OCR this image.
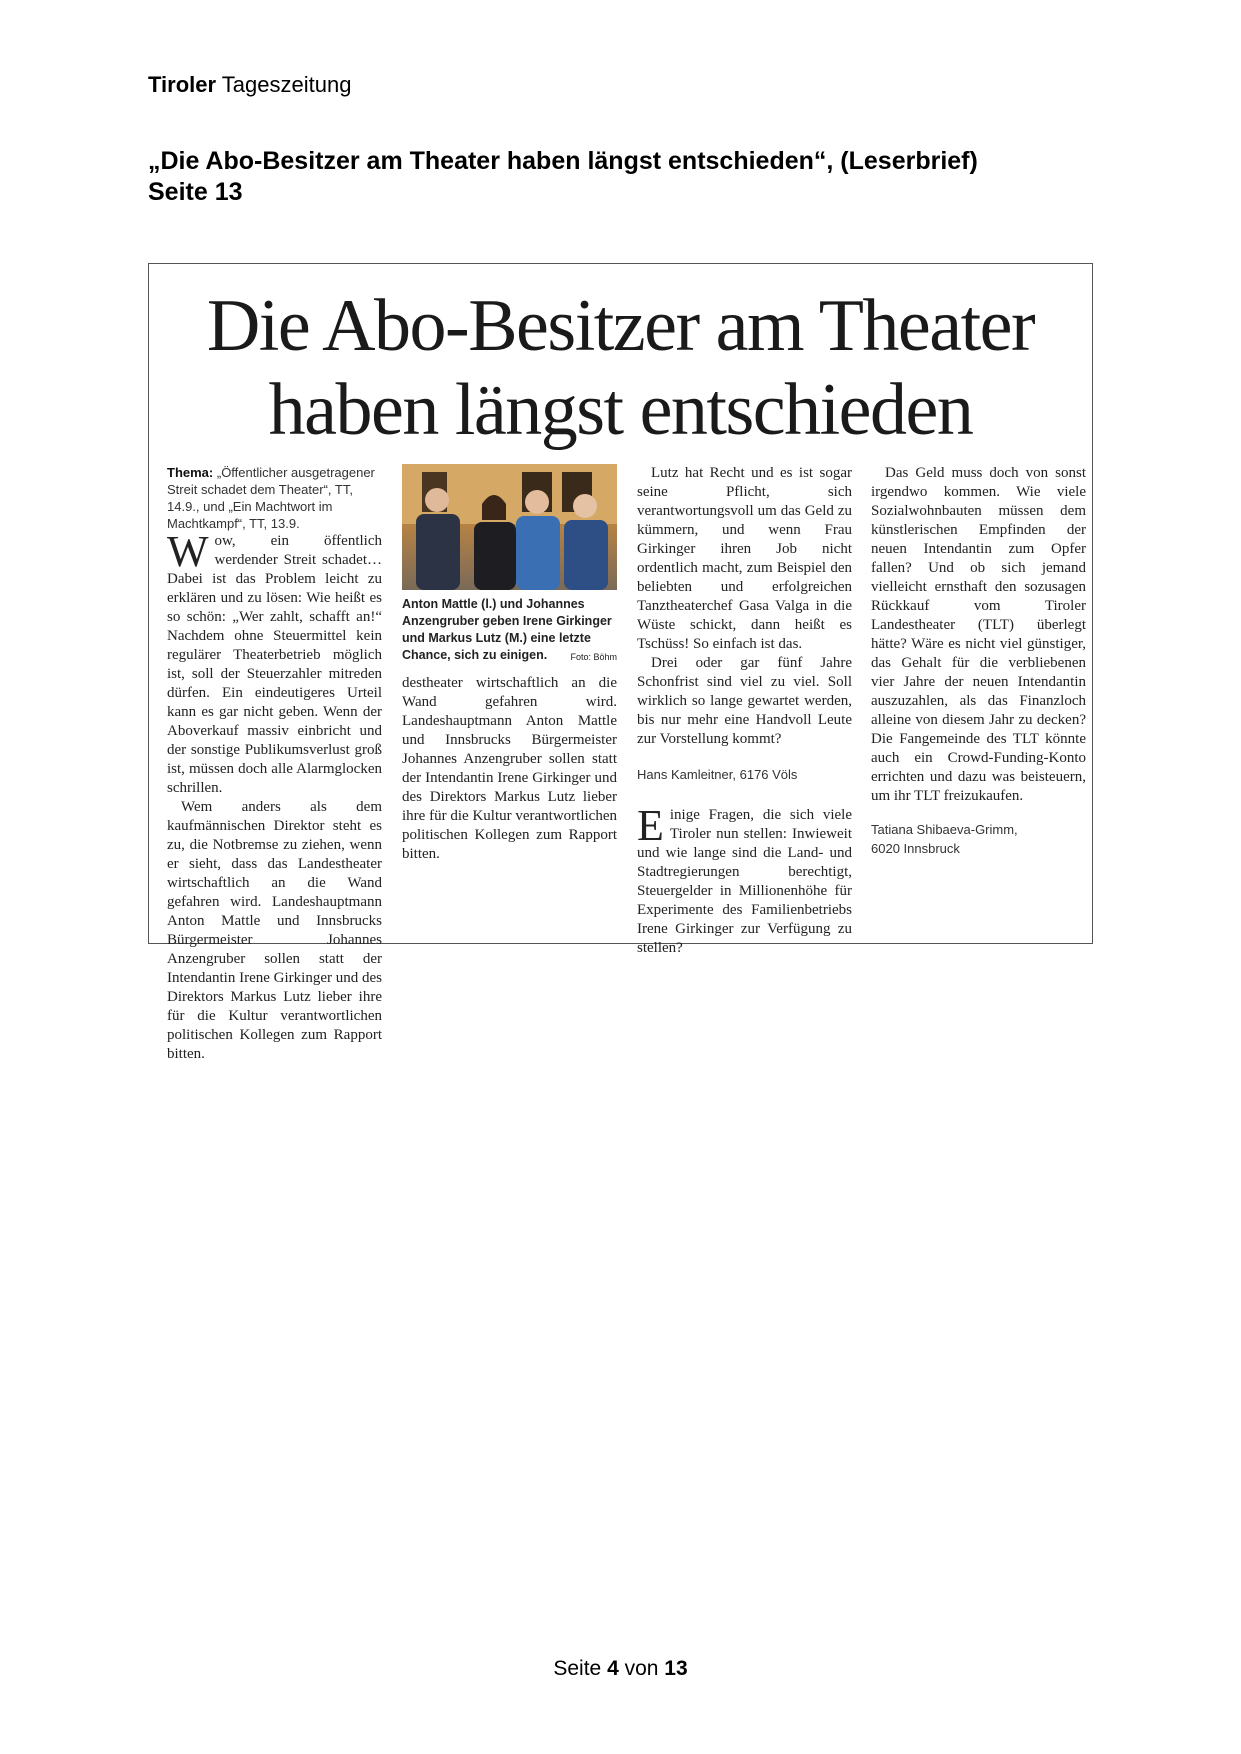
Tiroler Tageszeitung
„Die Abo-Besitzer am Theater haben längst entschieden“, (Leserbrief)
Seite 13
Die Abo-Besitzer am Theater
haben längst entschieden

Thema: „Öffentlicher ausgetragener Streit schadet dem Theater“, TT, 14.9., und „Ein Machtwort im Machtkampf“, TT, 13.9.

Wow, ein öffentlich werdender Streit schadet… Dabei ist das Problem leicht zu erklären und zu lösen: Wie heißt es so schön: „Wer zahlt, schafft an!“ Nachdem ohne Steuermittel kein regulärer Theaterbetrieb möglich ist, soll der Steuerzahler mitreden dürfen. Ein eindeutigeres Urteil kann es gar nicht geben. Wenn der Aboverkauf massiv einbricht und der sonstige Publikumsverlust groß ist, müssen doch alle Alarmglocken schrillen.

Wem anders als dem kaufmännischen Direktor steht es zu, die Notbremse zu ziehen, wenn er sieht, dass das Landestheater wirtschaftlich an die Wand gefahren wird. Landeshauptmann Anton Mattle und Innsbrucks Bürgermeister Johannes Anzengruber sollen statt der Intendantin Irene Girkinger und des Direktors Markus Lutz lieber ihre für die Kultur verantwortlichen politischen Kollegen zum Rapport bitten.

Anton Mattle (l.) und Johannes Anzengruber geben Irene Girkinger und Markus Lutz (M.) eine letzte Chance, sich zu einigen.	Foto: Böhm

destheater wirtschaftlich an die Wand gefahren wird. Landeshauptmann Anton Mattle und Innsbrucks Bürgermeister Johannes Anzengruber sollen statt der Intendantin Irene Girkinger und des Direktors Markus Lutz lieber ihre für die Kultur verantwortlichen politischen Kollegen zum Rapport bitten.

Lutz hat Recht und es ist sogar seine Pflicht, sich verantwortungsvoll um das Geld zu kümmern, und wenn Frau Girkinger ihren Job nicht ordentlich macht, zum Beispiel den beliebten und erfolgreichen Tanztheaterchef Gasa Valga in die Wüste schickt, dann heißt es Tschüss! So einfach ist das.

Drei oder gar fünf Jahre Schonfrist sind viel zu viel. Soll wirklich so lange gewartet werden, bis nur mehr eine Handvoll Leute zur Vorstellung kommt?

Hans Kamleitner, 6176 Völs

Einige Fragen, die sich viele Tiroler nun stellen: Inwieweit und wie lange sind die Land- und Stadtregierungen berechtigt, Steuergelder in Millionenhöhe für Experimente des Familienbetriebs Irene Girkinger zur Verfügung zu stellen?

Das Geld muss doch von sonst irgendwo kommen. Wie viele Sozialwohnbauten müssen dem künstlerischen Empfinden der neuen Intendantin zum Opfer fallen? Und ob sich jemand vielleicht ernsthaft den sozusagen Rückkauf vom Tiroler Landestheater (TLT) überlegt hätte? Wäre es nicht viel günstiger, das Gehalt für die verbliebenen vier Jahre der neuen Intendantin auszuzahlen, als das Finanzloch alleine von diesem Jahr zu decken? Die Fangemeinde des TLT könnte auch ein Crowd-Funding-Konto errichten und dazu was beisteuern, um ihr TLT freizukaufen.

Tatiana Shibaeva-Grimm,

6020 Innsbruck

Seite 4 von 13
